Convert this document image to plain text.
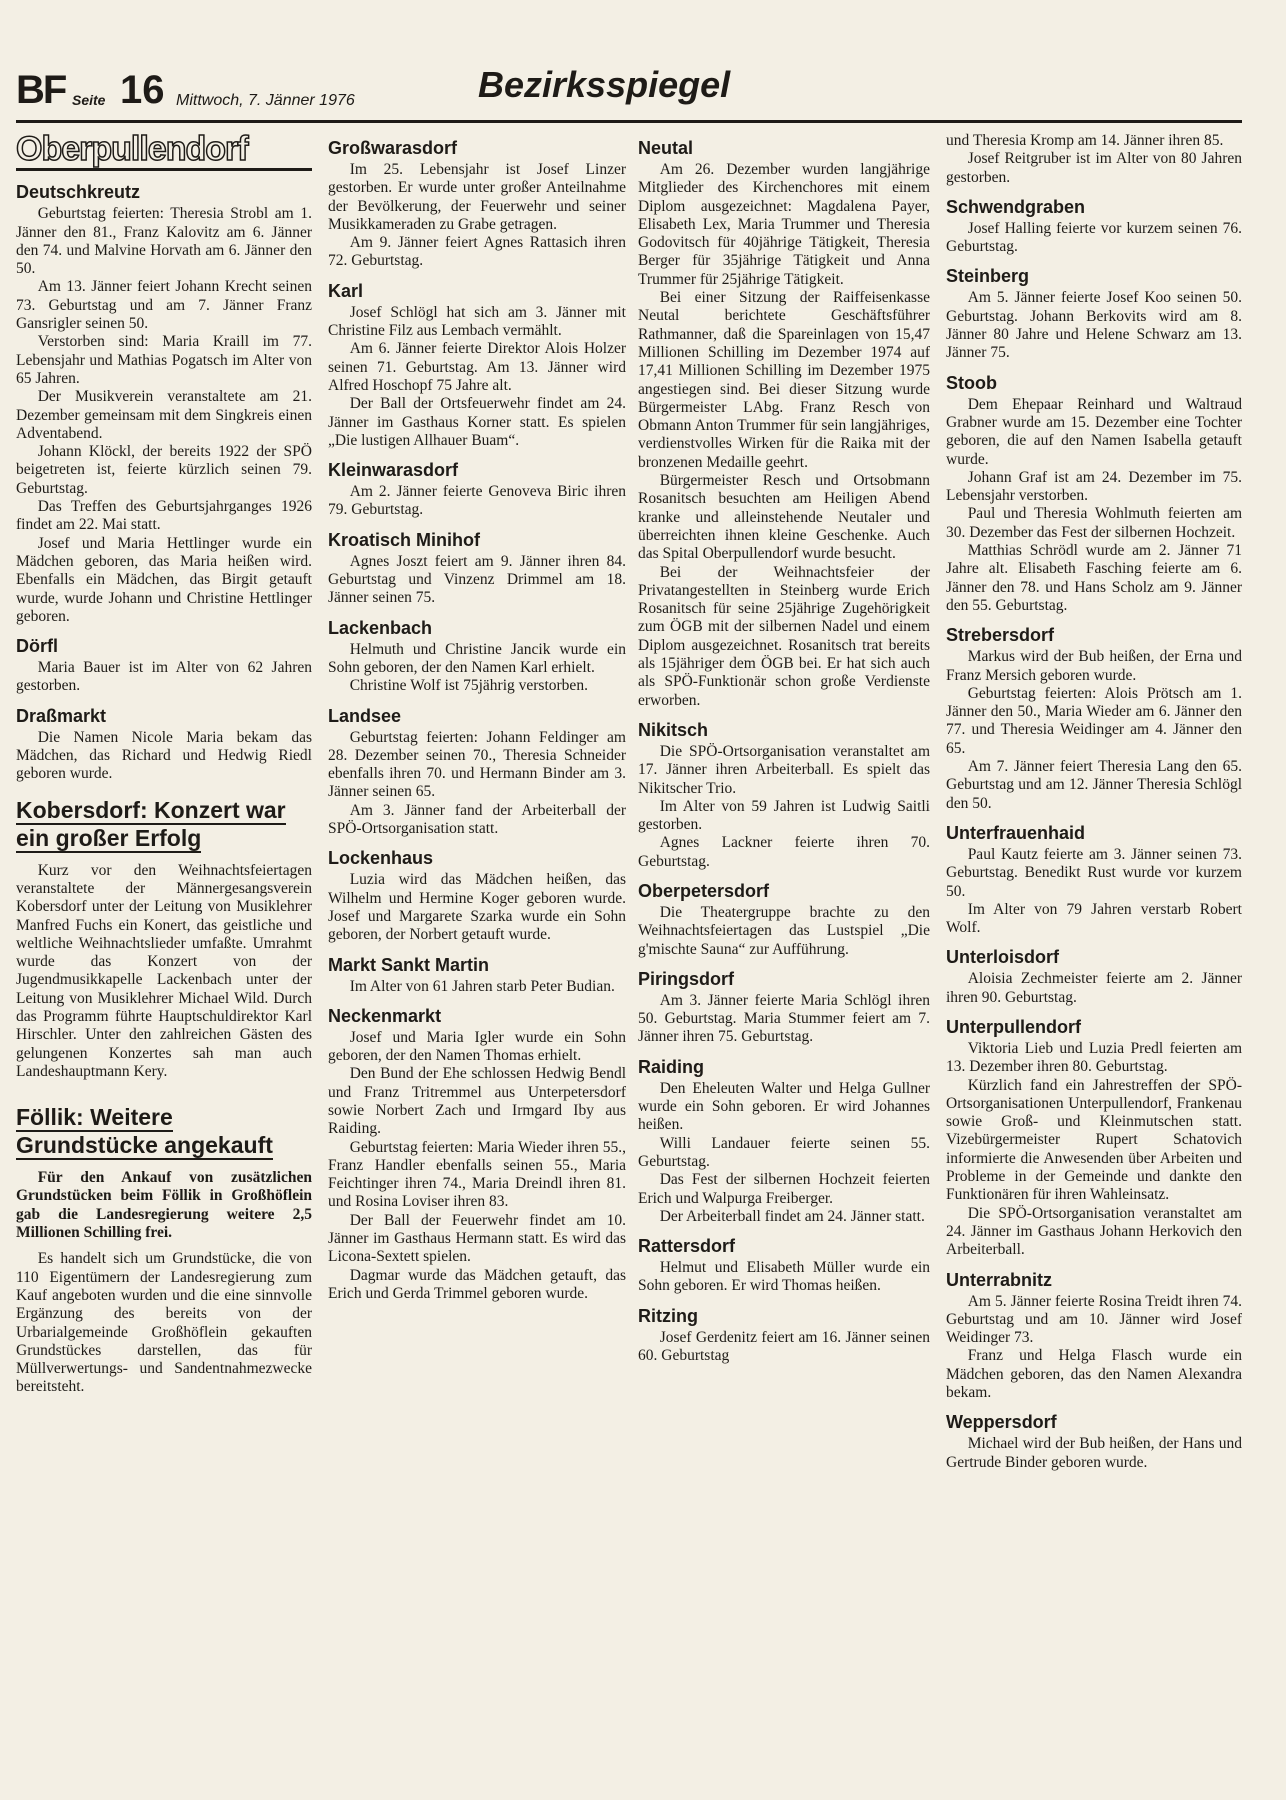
BF Seite 16 Mittwoch, 7. Jänner 1976	Bezirksspiegel
Oberpullendorf
Deutschkreutz

Geburtstag feierten: Theresia Strobl am 1. Jänner den 81., Franz Kalovitz am 6. Jänner den 74. und Malvine Horvath am 6. Jänner den 50.

Am 13. Jänner feiert Johann Krecht seinen 73. Geburtstag und am 7. Jänner Franz Gansrigler seinen 50.

Verstorben sind: Maria Kraill im 77. Lebensjahr und Mathias Pogatsch im Alter von 65 Jahren.

Der Musikverein veranstaltete am 21. Dezember gemeinsam mit dem Singkreis einen Adventabend.

Johann Klöckl, der bereits 1922 der SPÖ beigetreten ist, feierte kürzlich seinen 79. Geburtstag.

Das Treffen des Geburtsjahrganges 1926 findet am 22. Mai statt.

Josef und Maria Hettlinger wurde ein Mädchen geboren, das Maria heißen wird. Ebenfalls ein Mädchen, das Birgit getauft wurde, wurde Johann und Christine Hettlinger geboren.

Dörfl

Maria Bauer ist im Alter von 62 Jahren gestorben.

Draßmarkt

Die Namen Nicole Maria bekam das Mädchen, das Richard und Hedwig Riedl geboren wurde.

Kobersdorf: Konzert war ein großer Erfolg

Kurz vor den Weihnachtsfeiertagen veranstaltete der Männergesangsverein Kobersdorf unter der Leitung von Musiklehrer Manfred Fuchs ein Konert, das geistliche und weltliche Weihnachtslieder umfaßte. Umrahmt wurde das Konzert von der Jugendmusikkapelle Lackenbach unter der Leitung von Musiklehrer Michael Wild. Durch das Programm führte Hauptschuldirektor Karl Hirschler. Unter den zahlreichen Gästen des gelungenen Konzertes sah man auch Landeshauptmann Kery.

Föllik: Weitere Grundstücke angekauft

Für den Ankauf von zusätzlichen Grundstücken beim Föllik in Großhöflein gab die Landesregierung weitere 2,5 Millionen Schilling frei.

Es handelt sich um Grundstücke, die von 110 Eigentümern der Landesregierung zum Kauf angeboten wurden und die eine sinnvolle Ergänzung des bereits von der Urbarialgemeinde Großhöflein gekauften Grundstückes darstellen, das für Müllverwertungs- und Sandentnahmezwecke bereitsteht.

Großwarasdorf

Im 25. Lebensjahr ist Josef Linzer gestorben. Er wurde unter großer Anteilnahme der Bevölkerung, der Feuerwehr und seiner Musikkameraden zu Grabe getragen.

Am 9. Jänner feiert Agnes Rattasich ihren 72. Geburtstag.

Karl

Josef Schlögl hat sich am 3. Jänner mit Christine Filz aus Lembach vermählt.

Am 6. Jänner feierte Direktor Alois Holzer seinen 71. Geburtstag. Am 13. Jänner wird Alfred Hoschopf 75 Jahre alt.

Der Ball der Ortsfeuerwehr findet am 24. Jänner im Gasthaus Korner statt. Es spielen „Die lustigen Allhauer Buam“.

Kleinwarasdorf

Am 2. Jänner feierte Genoveva Biric ihren 79. Geburtstag.

Kroatisch Minihof

Agnes Joszt feiert am 9. Jänner ihren 84. Geburtstag und Vinzenz Drimmel am 18. Jänner seinen 75.

Lackenbach

Helmuth und Christine Jancik wurde ein Sohn geboren, der den Namen Karl erhielt.

Christine Wolf ist 75jährig verstorben.

Landsee

Geburtstag feierten: Johann Feldinger am 28. Dezember seinen 70., Theresia Schneider ebenfalls ihren 70. und Hermann Binder am 3. Jänner seinen 65.

Am 3. Jänner fand der Arbeiterball der SPÖ-Ortsorganisation statt.

Lockenhaus

Luzia wird das Mädchen heißen, das Wilhelm und Hermine Koger geboren wurde. Josef und Margarete Szarka wurde ein Sohn geboren, der Norbert getauft wurde.

Markt Sankt Martin

Im Alter von 61 Jahren starb Peter Budian.

Neckenmarkt

Josef und Maria Igler wurde ein Sohn geboren, der den Namen Thomas erhielt.

Den Bund der Ehe schlossen Hedwig Bendl und Franz Tritremmel aus Unterpetersdorf sowie Norbert Zach und Irmgard Iby aus Raiding.

Geburtstag feierten: Maria Wieder ihren 55., Franz Handler ebenfalls seinen 55., Maria Feichtinger ihren 74., Maria Dreindl ihren 81. und Rosina Loviser ihren 83.

Der Ball der Feuerwehr findet am 10. Jänner im Gasthaus Hermann statt. Es wird das Licona-Sextett spielen.

Dagmar wurde das Mädchen getauft, das Erich und Gerda Trimmel geboren wurde.

Neutal

Am 26. Dezember wurden langjährige Mitglieder des Kirchenchores mit einem Diplom ausgezeichnet: Magdalena Payer, Elisabeth Lex, Maria Trummer und Theresia Godovitsch für 40jährige Tätigkeit, Theresia Berger für 35jährige Tätigkeit und Anna Trummer für 25jährige Tätigkeit.

Bei einer Sitzung der Raiffeisenkasse Neutal berichtete Geschäftsführer Rathmanner, daß die Spareinlagen von 15,47 Millionen Schilling im Dezember 1974 auf 17,41 Millionen Schilling im Dezember 1975 angestiegen sind. Bei dieser Sitzung wurde Bürgermeister LAbg. Franz Resch von Obmann Anton Trummer für sein langjähriges, verdienstvolles Wirken für die Raika mit der bronzenen Medaille geehrt.

Bürgermeister Resch und Ortsobmann Rosanitsch besuchten am Heiligen Abend kranke und alleinstehende Neutaler und überreichten ihnen kleine Geschenke. Auch das Spital Oberpullendorf wurde besucht.

Bei der Weihnachtsfeier der Privatangestellten in Steinberg wurde Erich Rosanitsch für seine 25jährige Zugehörigkeit zum ÖGB mit der silbernen Nadel und einem Diplom ausgezeichnet. Rosanitsch trat bereits als 15jähriger dem ÖGB bei. Er hat sich auch als SPÖ-Funktionär schon große Verdienste erworben.

Nikitsch

Die SPÖ-Ortsorganisation veranstaltet am 17. Jänner ihren Arbeiterball. Es spielt das Nikitscher Trio.

Im Alter von 59 Jahren ist Ludwig Saitli gestorben.

Agnes Lackner feierte ihren 70. Geburtstag.

Oberpetersdorf

Die Theatergruppe brachte zu den Weihnachtsfeiertagen das Lustspiel „Die g'mischte Sauna“ zur Aufführung.

Piringsdorf

Am 3. Jänner feierte Maria Schlögl ihren 50. Geburtstag. Maria Stummer feiert am 7. Jänner ihren 75. Geburtstag.

Raiding

Den Eheleuten Walter und Helga Gullner wurde ein Sohn geboren. Er wird Johannes heißen.

Willi Landauer feierte seinen 55. Geburtstag.

Das Fest der silbernen Hochzeit feierten Erich und Walpurga Freiberger.

Der Arbeiterball findet am 24. Jänner statt.

Rattersdorf

Helmut und Elisabeth Müller wurde ein Sohn geboren. Er wird Thomas heißen.

Ritzing

Josef Gerdenitz feiert am 16. Jänner seinen 60. Geburtstag

und Theresia Kromp am 14. Jänner ihren 85.

Josef Reitgruber ist im Alter von 80 Jahren gestorben.

Schwendgraben

Josef Halling feierte vor kurzem seinen 76. Geburtstag.

Steinberg

Am 5. Jänner feierte Josef Koo seinen 50. Geburtstag. Johann Berkovits wird am 8. Jänner 80 Jahre und Helene Schwarz am 13. Jänner 75.

Stoob

Dem Ehepaar Reinhard und Waltraud Grabner wurde am 15. Dezember eine Tochter geboren, die auf den Namen Isabella getauft wurde.

Johann Graf ist am 24. Dezember im 75. Lebensjahr verstorben.

Paul und Theresia Wohlmuth feierten am 30. Dezember das Fest der silbernen Hochzeit.

Matthias Schrödl wurde am 2. Jänner 71 Jahre alt. Elisabeth Fasching feierte am 6. Jänner den 78. und Hans Scholz am 9. Jänner den 55. Geburtstag.

Strebersdorf

Markus wird der Bub heißen, der Erna und Franz Mersich geboren wurde.

Geburtstag feierten: Alois Prötsch am 1. Jänner den 50., Maria Wieder am 6. Jänner den 77. und Theresia Weidinger am 4. Jänner den 65.

Am 7. Jänner feiert Theresia Lang den 65. Geburtstag und am 12. Jänner Theresia Schlögl den 50.

Unterfrauenhaid

Paul Kautz feierte am 3. Jänner seinen 73. Geburtstag. Benedikt Rust wurde vor kurzem 50.

Im Alter von 79 Jahren verstarb Robert Wolf.

Unterloisdorf

Aloisia Zechmeister feierte am 2. Jänner ihren 90. Geburtstag.

Unterpullendorf

Viktoria Lieb und Luzia Predl feierten am 13. Dezember ihren 80. Geburtstag.

Kürzlich fand ein Jahrestreffen der SPÖ-Ortsorganisationen Unterpullendorf, Frankenau sowie Groß- und Kleinmutschen statt. Vizebürgermeister Rupert Schatovich informierte die Anwesenden über Arbeiten und Probleme in der Gemeinde und dankte den Funktionären für ihren Wahleinsatz.

Die SPÖ-Ortsorganisation veranstaltet am 24. Jänner im Gasthaus Johann Herkovich den Arbeiterball.

Unterrabnitz

Am 5. Jänner feierte Rosina Treidt ihren 74. Geburtstag und am 10. Jänner wird Josef Weidinger 73.

Franz und Helga Flasch wurde ein Mädchen geboren, das den Namen Alexandra bekam.

Weppersdorf

Michael wird der Bub heißen, der Hans und Gertrude Binder geboren wurde.
